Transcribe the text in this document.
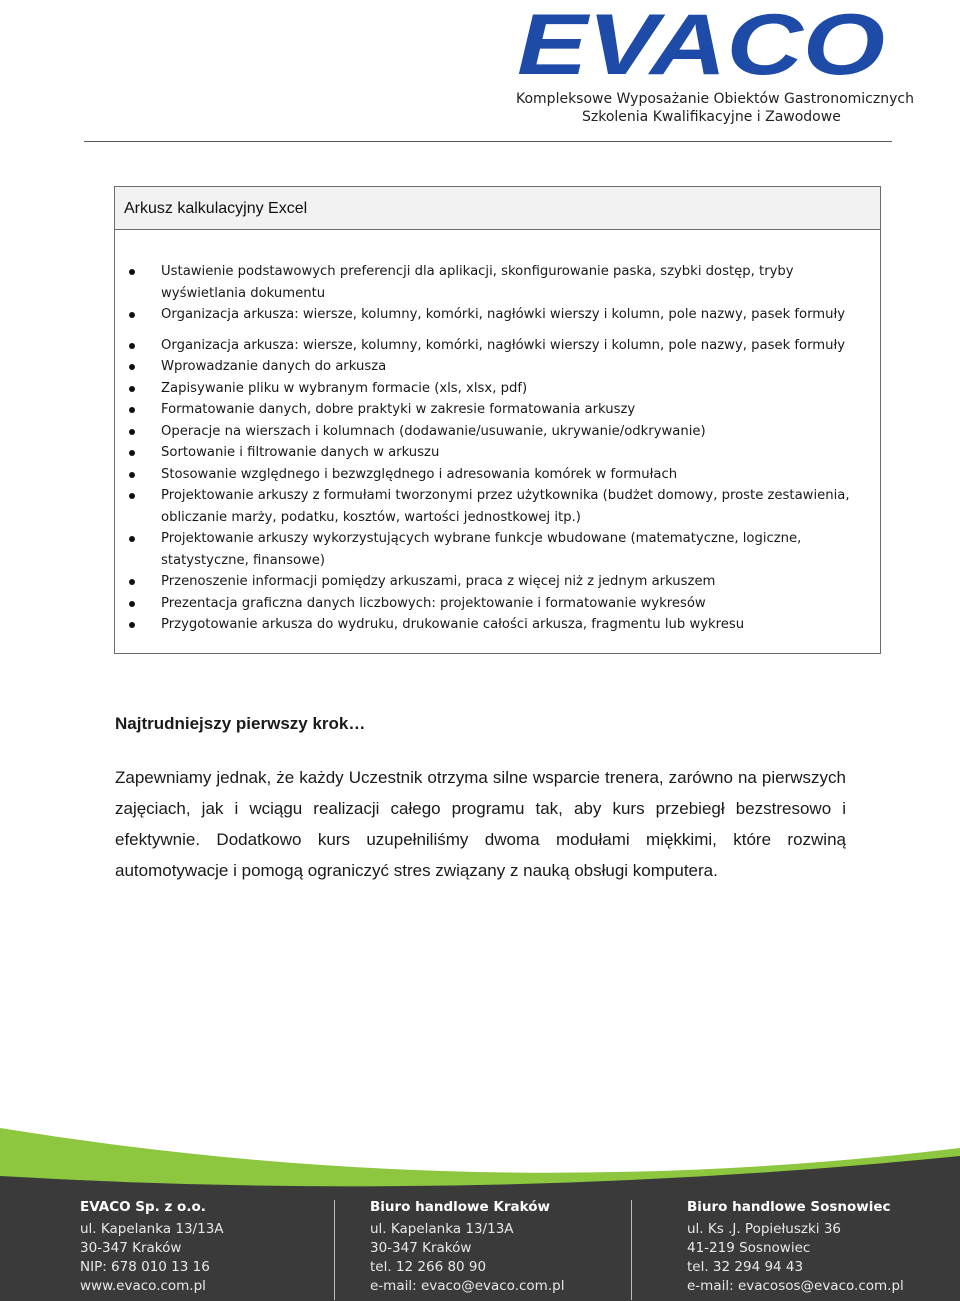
EVACO
Kompleksowe Wyposażanie Obiektów Gastronomicznych
Szkolenia Kwalifikacyjne i Zawodowe
Arkusz kalkulacyjny Excel
Ustawienie podstawowych preferencji dla aplikacji, skonfigurowanie paska, szybki dostęp, tryby wyświetlania dokumentu
Organizacja arkusza: wiersze, kolumny, komórki, nagłówki wierszy i kolumn, pole nazwy, pasek formuły
Organizacja arkusza: wiersze, kolumny, komórki, nagłówki wierszy i kolumn, pole nazwy, pasek formuły
Wprowadzanie danych do arkusza
Zapisywanie pliku w wybranym formacie (xls, xlsx, pdf)
Formatowanie danych, dobre praktyki w zakresie formatowania arkuszy
Operacje na wierszach i kolumnach (dodawanie/usuwanie, ukrywanie/odkrywanie)
Sortowanie i filtrowanie danych w arkuszu
Stosowanie względnego i bezwzględnego i adresowania komórek w formułach
Projektowanie arkuszy z formułami tworzonymi przez użytkownika (budżet domowy, proste zestawienia, obliczanie marży, podatku, kosztów, wartości jednostkowej itp.)
Projektowanie arkuszy wykorzystujących wybrane funkcje wbudowane (matematyczne, logiczne, statystyczne, finansowe)
Przenoszenie informacji pomiędzy arkuszami, praca z więcej niż z jednym arkuszem
Prezentacja graficzna danych liczbowych: projektowanie i formatowanie wykresów
Przygotowanie arkusza do wydruku, drukowanie całości arkusza, fragmentu lub wykresu
Najtrudniejszy pierwszy krok…
Zapewniamy jednak, że każdy Uczestnik otrzyma silne wsparcie trenera, zarówno na pierwszych zajęciach, jak i wciągu realizacji całego programu tak, aby kurs przebiegł bezstresowo i efektywnie. Dodatkowo kurs uzupełniliśmy dwoma modułami miękkimi, które rozwiną automotywacje i pomogą ograniczyć stres związany z nauką obsługi komputera.
EVACO Sp. z o.o.
ul. Kapelanka 13/13A
30-347 Kraków
NIP: 678 010 13 16
www.evaco.com.pl
Biuro handlowe Kraków
ul. Kapelanka 13/13A
30-347 Kraków
tel. 12 266 80 90
e-mail: evaco@evaco.com.pl
Biuro handlowe Sosnowiec
ul. Ks .J. Popiełuszki 36
41-219 Sosnowiec
tel. 32 294 94 43
e-mail: evacosos@evaco.com.pl
